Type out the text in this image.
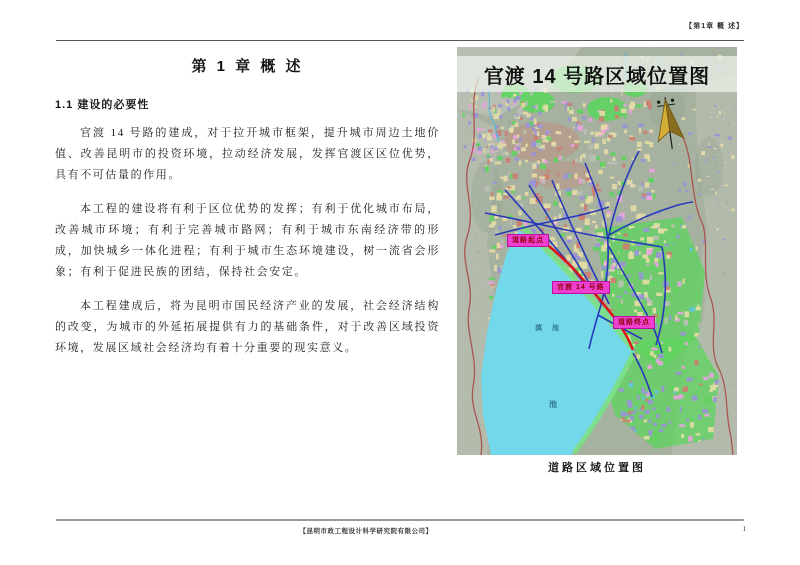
【第1章 概 述】
第 1 章 概 述
1.1 建设的必要性

官渡 14 号路的建成，对于拉开城市框架，提升城市周边土地价值、改善昆明市的投资环境，拉动经济发展，发挥官渡区区位优势，具有不可估量的作用。

本工程的建设将有利于区位优势的发挥；有利于优化城市布局，改善城市环境；有利于完善城市路网；有利于城市东南经济带的形成，加快城乡一体化进程；有利于城市生态环境建设，树一流省会形象；有利于促进民族的团结，保持社会安定。

本工程建成后，将为昆明市国民经济产业的发展，社会经济结构的改变，为城市的外延拓展提供有力的基础条件，对于改善区域投资环境，发展区域社会经济均有着十分重要的现实意义。

官渡 14 号路区域位置图
道路起点
官渡 14 号路
道路终点
滇 池
池
道路区域位置图
【昆明市政工程设计科学研究院有限公司】	1
